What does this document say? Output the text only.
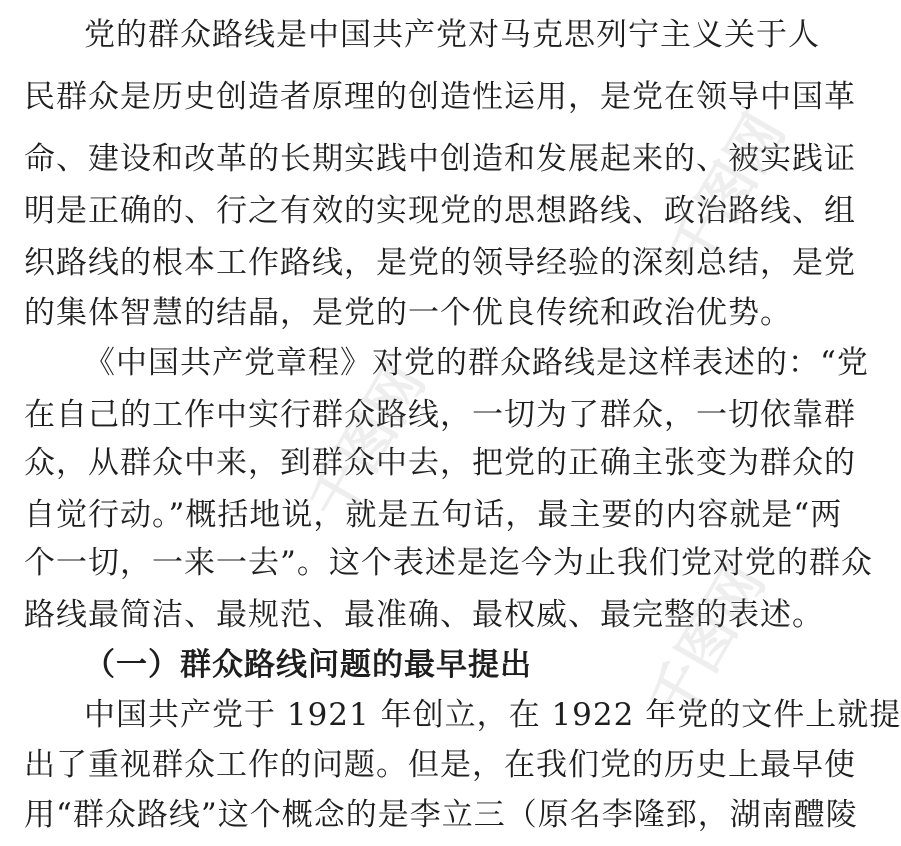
党的群众路线是中国共产党对马克思列宁主义关于人
民群众是历史创造者原理的创造性运用，是党在领导中国革
命、建设和改革的长期实践中创造和发展起来的、被实践证
明是正确的、行之有效的实现党的思想路线、政治路线、组
织路线的根本工作路线，是党的领导经验的深刻总结，是党
的集体智慧的结晶，是党的一个优良传统和政治优势。
《中国共产党章程》对党的群众路线是这样表述的：“党
在自己的工作中实行群众路线，一切为了群众，一切依靠群
众，从群众中来，到群众中去，把党的正确主张变为群众的
自觉行动。”概括地说，就是五句话，最主要的内容就是“两
个一切，一来一去”。这个表述是迄今为止我们党对党的群众
路线最简洁、最规范、最准确、最权威、最完整的表述。
（一）群众路线问题的最早提出
中国共产党于 1921 年创立，在 1922 年党的文件上就提
出了重视群众工作的问题。但是，在我们党的历史上最早使
用“群众路线”这个概念的是李立三（原名李隆郅，湖南醴陵
千图网
千图网
千图网
